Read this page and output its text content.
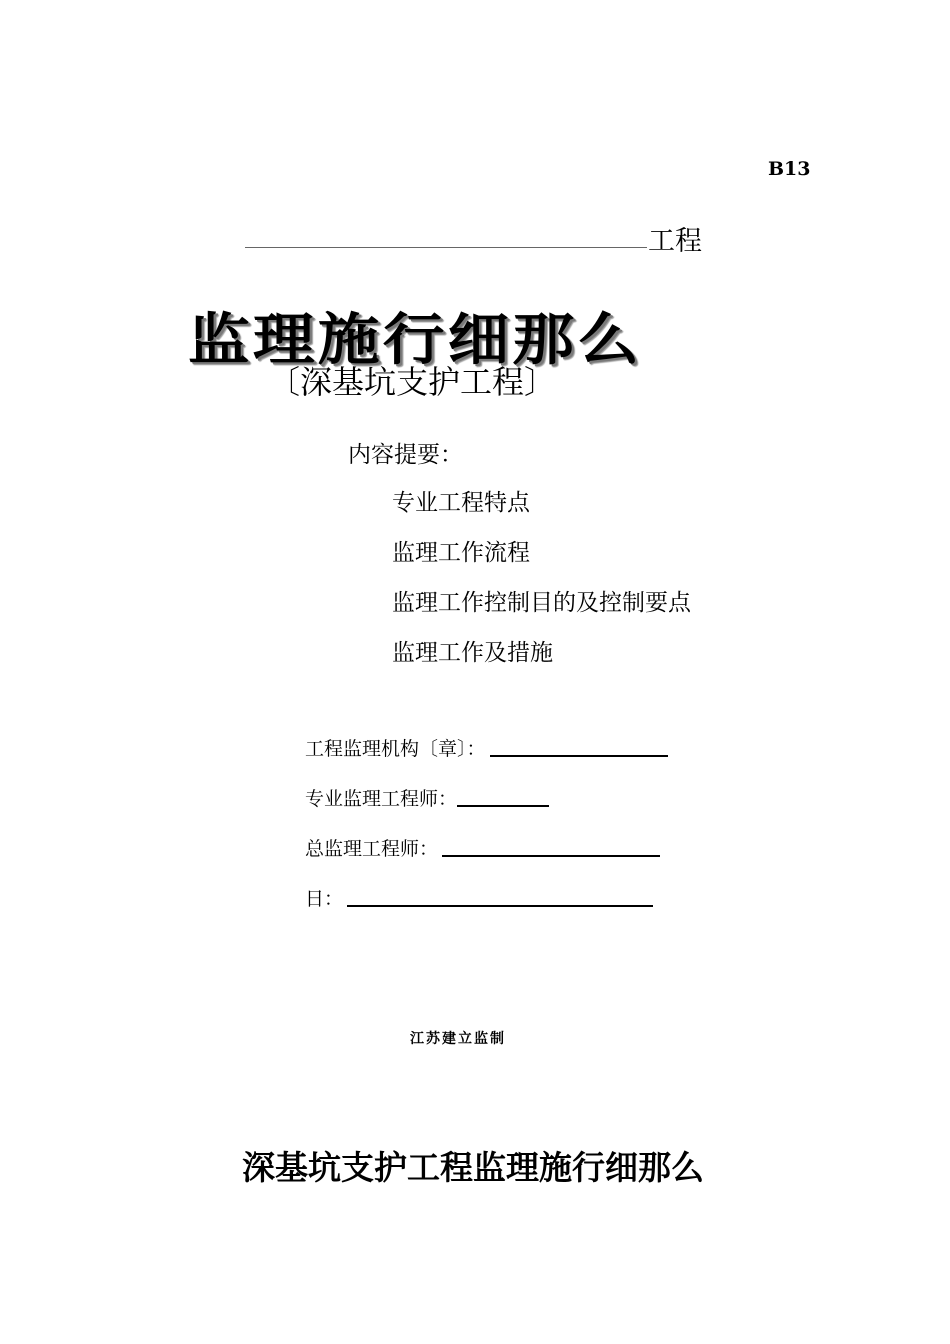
B13
工程
监理施行细那么
〔深基坑支护工程〕
内容提要：
专业工程特点
监理工作流程
监理工作控制目的及控制要点
监理工作及措施
工程监理机构〔章〕：
专业监理工程师：
总监理工程师：
日：
江苏建立监制
深基坑支护工程监理施行细那么
